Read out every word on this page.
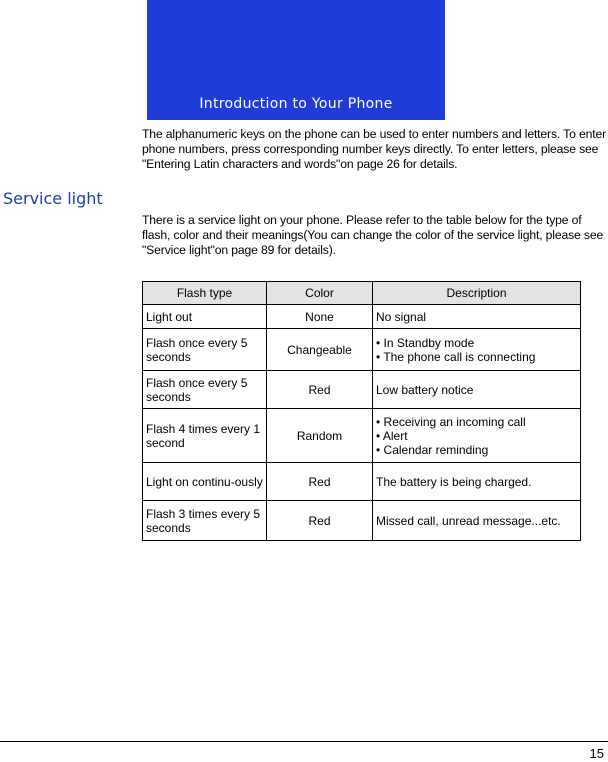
Introduction to Your Phone
The alphanumeric keys on the phone can be used to enter numbers and letters. To enter phone numbers, press corresponding number keys directly. To enter letters, please see "Entering Latin characters and words"on page 26 for details.
Service light
There is a service light on your phone. Please refer to the table below for the type of flash, color and their meanings(You can change the color of the service light, please see "Service light"on page 89 for details).
Flash type	Color	Description
Light out	None	No signal

Flash once every 5 seconds	Changeable	• In Standby mode
• The phone call is connecting

Flash once every 5 seconds	Red	Low battery notice

Flash 4 times every 1 second	Random	• Receiving an incoming call
• Alert
• Calendar reminding

Light on continu-ously	Red	The battery is being charged.

Flash 3 times every 5 seconds	Red	Missed call, unread message...etc.
15
